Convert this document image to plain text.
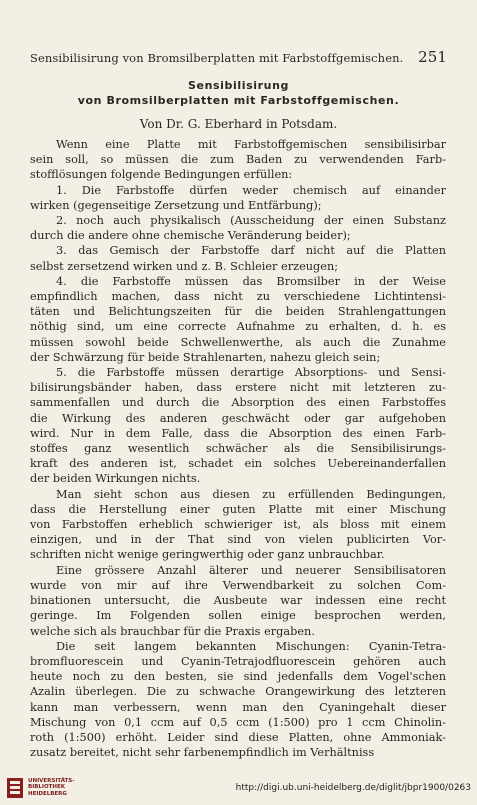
Sensibilisirung von Bromsilberplatten mit Farbstoffgemischen. 251
Sensibilisirung
von Bromsilberplatten mit Farbstoffgemischen.
Von Dr. G. Eberhard in Potsdam.
Wenn eine Platte mit Farbstoffgemischen sensibilisirbar
sein soll, so müssen die zum Baden zu verwendenden Farb-
stofflösungen folgende Bedingungen erfüllen:
1. Die Farbstoffe dürfen weder chemisch auf einander
wirken (gegenseitige Zersetzung und Entfärbung);
2. noch auch physikalisch (Ausscheidung der einen Substanz
durch die andere ohne chemische Veränderung beider);
3. das Gemisch der Farbstoffe darf nicht auf die Platten
selbst zersetzend wirken und z. B. Schleier erzeugen;
4. die Farbstoffe müssen das Bromsilber in der Weise
empfindlich machen, dass nicht zu verschiedene Lichtintensi-
täten und Belichtungszeiten für die beiden Strahlengattungen
nöthig sind, um eine correcte Aufnahme zu erhalten, d. h. es
müssen sowohl beide Schwellenwerthe, als auch die Zunahme
der Schwärzung für beide Strahlenarten, nahezu gleich sein;
5. die Farbstoffe müssen derartige Absorptions- und Sensi-
bilisirungsbänder haben, dass erstere nicht mit letzteren zu-
sammenfallen und durch die Absorption des einen Farbstoffes
die Wirkung des anderen geschwächt oder gar aufgehoben
wird. Nur in dem Falle, dass die Absorption des einen Farb-
stoffes ganz wesentlich schwächer als die Sensibilisirungs-
kraft des anderen ist, schadet ein solches Uebereinanderfallen
der beiden Wirkungen nichts.
Man sieht schon aus diesen zu erfüllenden Bedingungen,
dass die Herstellung einer guten Platte mit einer Mischung
von Farbstoffen erheblich schwieriger ist, als bloss mit einem
einzigen, und in der That sind von vielen publicirten Vor-
schriften nicht wenige geringwerthig oder ganz unbrauchbar.
Eine grössere Anzahl älterer und neuerer Sensibilisatoren
wurde von mir auf ihre Verwendbarkeit zu solchen Com-
binationen untersucht, die Ausbeute war indessen eine recht
geringe. Im Folgenden sollen einige besprochen werden,
welche sich als brauchbar für die Praxis ergaben.
Die seit langem bekannten Mischungen: Cyanin-Tetra-
bromfluorescein und Cyanin-Tetrajodfluorescein gehören auch
heute noch zu den besten, sie sind jedenfalls dem Vogel'schen
Azalin überlegen. Die zu schwache Orangewirkung des letzteren
kann man verbessern, wenn man den Cyaningehalt dieser
Mischung von 0,1 ccm auf 0,5 ccm (1:500) pro 1 ccm Chinolin-
roth (1:500) erhöht. Leider sind diese Platten, ohne Ammoniak-
zusatz bereitet, nicht sehr farbenempfindlich im Verhältniss
UNIVERSITÄTS-
BIBLIOTHEK
HEIDELBERG
http://digi.ub.uni-heidelberg.de/diglit/jbpr1900/0263
